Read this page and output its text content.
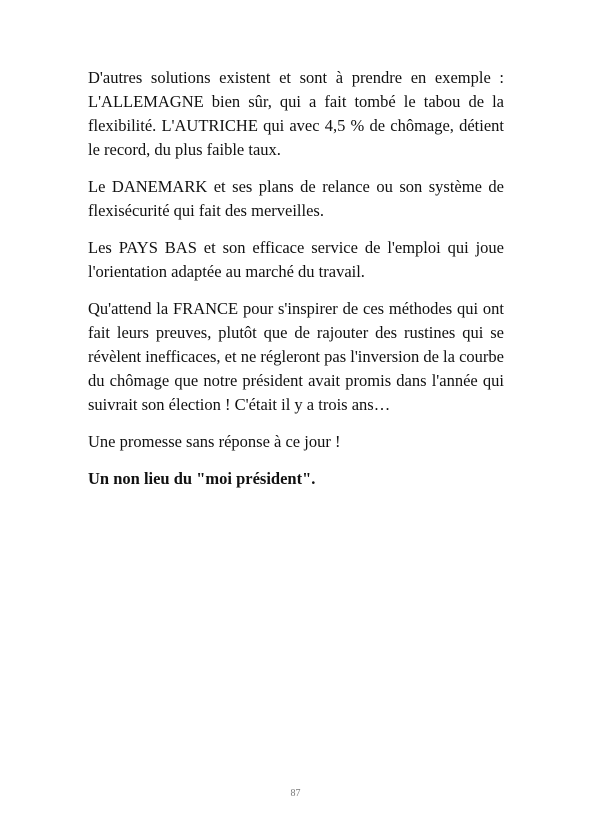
D'autres solutions existent et sont à prendre en exemple : L'ALLEMAGNE bien sûr, qui a fait tombé le tabou de la flexibilité. L'AUTRICHE qui avec 4,5 % de chômage, détient le record, du plus faible taux.

Le DANEMARK et ses plans de relance ou son système de flexisécurité qui fait des merveilles.

Les PAYS BAS et son efficace service de l'emploi qui joue l'orientation adaptée au marché du travail.

Qu'attend la FRANCE pour s'inspirer de ces méthodes qui ont fait leurs preuves, plutôt que de rajouter des rustines qui se révèlent inefficaces, et ne régleront pas l'inversion de la courbe du chômage que notre président avait promis dans l'année qui suivrait son élection ! C'était il y a trois ans…

Une promesse sans réponse à ce jour !

Un non lieu du "moi président".

87
